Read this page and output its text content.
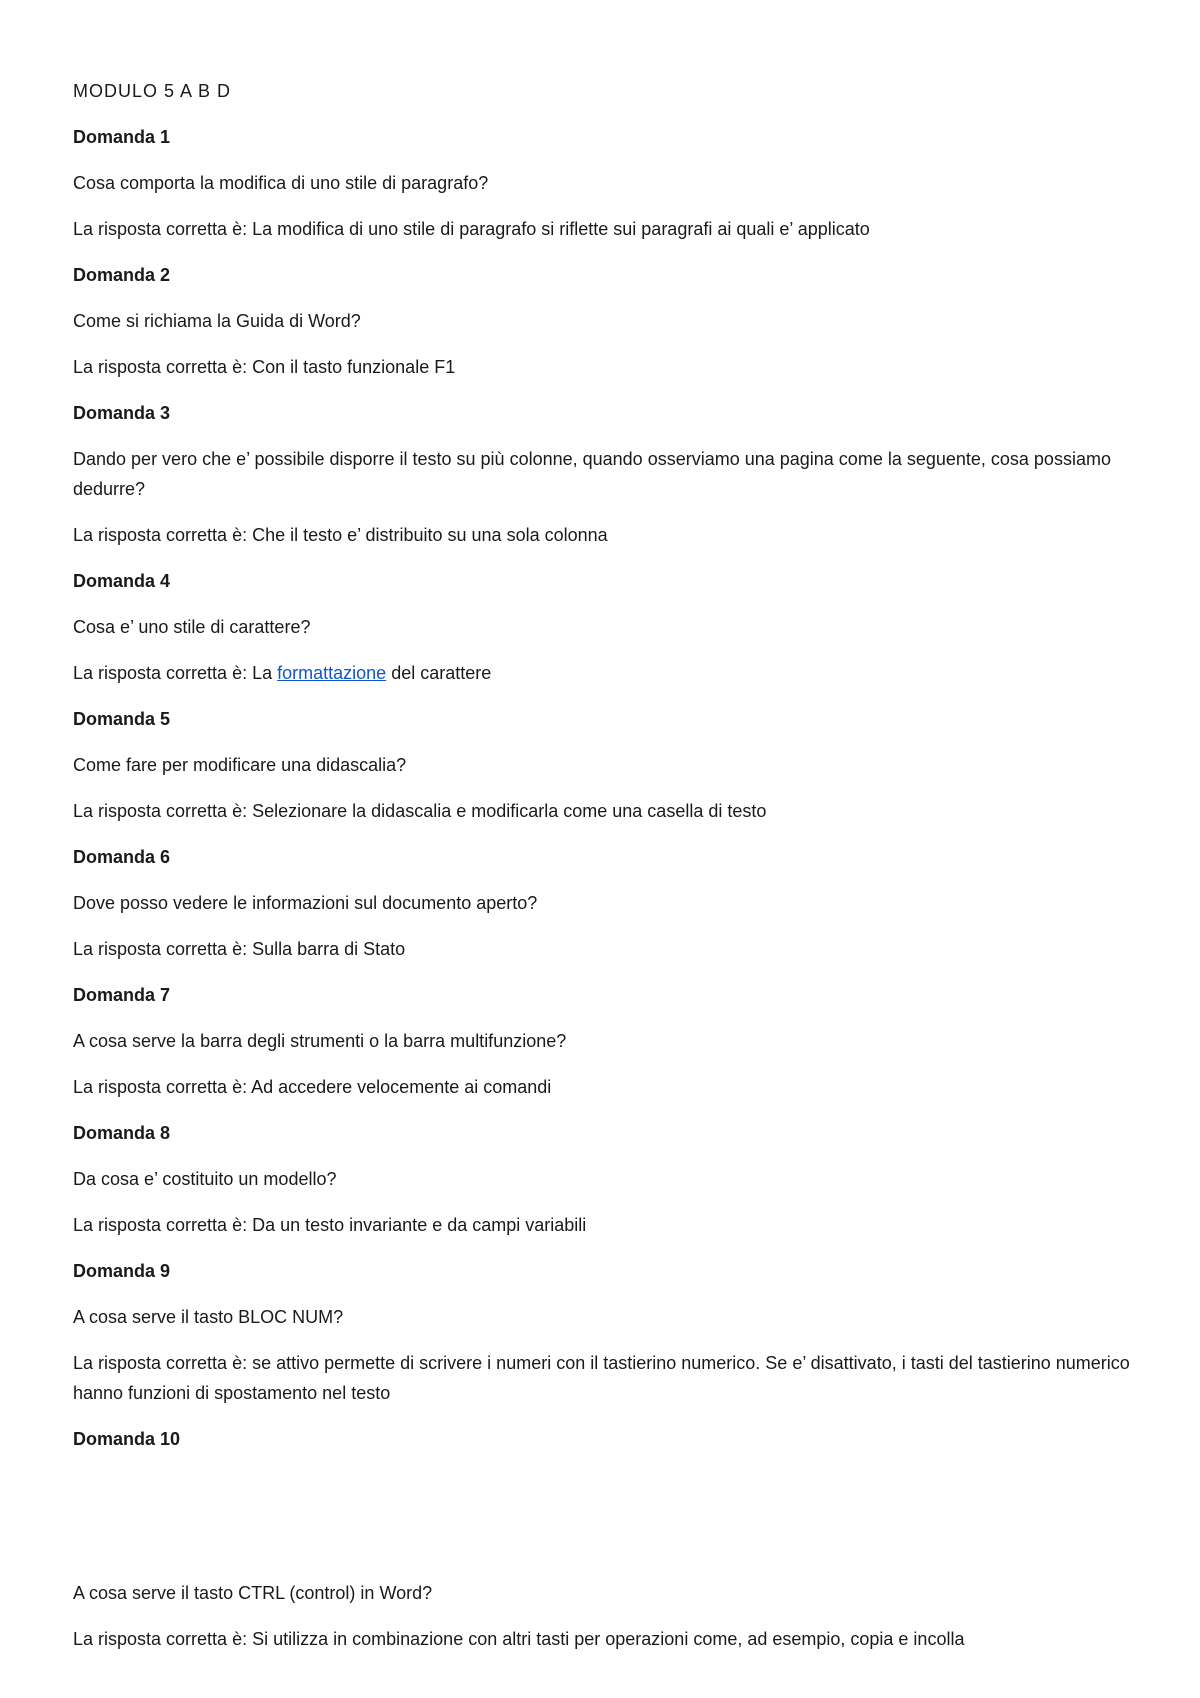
MODULO 5 A B D

Domanda 1

Cosa comporta la modifica di uno stile di paragrafo?

La risposta corretta è: La modifica di uno stile di paragrafo si riflette sui paragrafi ai quali e’ applicato

Domanda 2

Come si richiama la Guida di Word?

La risposta corretta è: Con il tasto funzionale F1

Domanda 3

Dando per vero che e’ possibile disporre il testo su più colonne, quando osserviamo una pagina come la seguente, cosa possiamo dedurre?

La risposta corretta è: Che il testo e’ distribuito su una sola colonna

Domanda 4

Cosa e’ uno stile di carattere?

La risposta corretta è: La formattazione del carattere

Domanda 5

Come fare per modificare una didascalia?

La risposta corretta è: Selezionare la didascalia e modificarla come una casella di testo

Domanda 6

Dove posso vedere le informazioni sul documento aperto?

La risposta corretta è: Sulla barra di Stato

Domanda 7

A cosa serve la barra degli strumenti o la barra multifunzione?

La risposta corretta è: Ad accedere velocemente ai comandi

Domanda 8

Da cosa e’ costituito un modello?

La risposta corretta è: Da un testo invariante e da campi variabili

Domanda 9

A cosa serve il tasto BLOC NUM?

La risposta corretta è: se attivo permette di scrivere i numeri con il tastierino numerico. Se e’ disattivato, i tasti del tastierino numerico hanno funzioni di spostamento nel testo

Domanda 10

A cosa serve il tasto CTRL (control) in Word?

La risposta corretta è: Si utilizza in combinazione con altri tasti per operazioni come, ad esempio, copia e incolla
